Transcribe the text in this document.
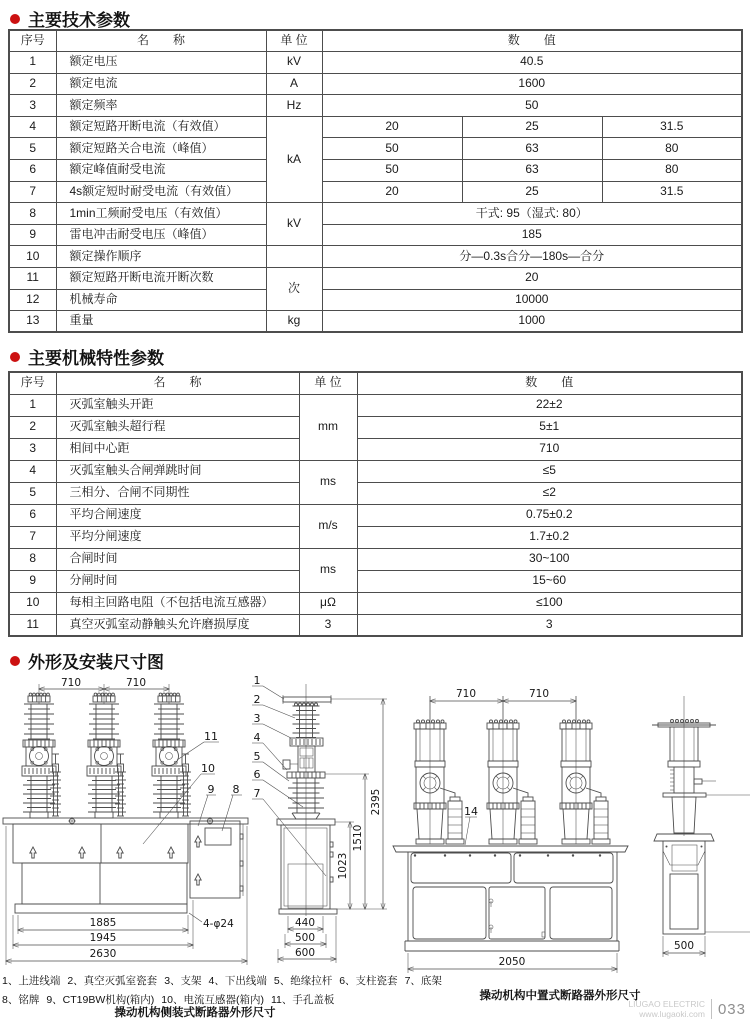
主要技术参数
序号	名　　称	单 位	数　　值		
1	额定电压	kV	40.5		
2	额定电流	A	1600		
3	额定频率	Hz	50		
4	额定短路开断电流（有效值）	kA	20	25	31.5
5	额定短路关合电流（峰值）		50	63	80
6	额定峰值耐受电流		50	63	80
7	4s额定短时耐受电流（有效值）		20	25	31.5
8	1min工频耐受电压（有效值）	kV	干式: 95（湿式: 80）		
9	雷电冲击耐受电压（峰值）		185		
10	额定操作顺序		分—0.3s合分—180s—合分		
11	额定短路开断电流开断次数	次	20		
12	机械寿命		10000		
13	重量	kg	1000		
主要机械特性参数
序号	名　　称	单 位	数　　值
1	灭弧室触头开距	mm	22±2
2	灭弧室触头超行程		5±1
3	相间中心距		710
4	灭弧室触头合闸弹跳时间	ms	≤5
5	三相分、合闸不同期性		≤2
6	平均合闸速度	m/s	0.75±0.2
7	平均分闸速度		1.7±0.2
8	合闸时间	ms	30~100
9	分闸时间		15~60
10	每相主回路电阻（不包括电流互感器）	μΩ	≤100
11	真空灭弧室动静触头允许磨损厚度	3	3
外形及安装尺寸图
710	710
11
10
9 8
1885
1945
2630
4-φ24
1
2
3
4
5
6
7
1023
1510
2395
440
500
600
710	710
14
2050
500
1、上进线端 2、真空灭弧室瓷套 3、支架 4、下出线端 5、绝缘拉杆 6、支柱瓷套 7、底架
8、铭牌 9、CT19BW机构(箱内) 10、电流互感器(箱内) 11、手孔盖板
操动机构侧装式断路器外形尺寸
操动机构中置式断路器外形尺寸
LIUGAO ELECTRIC
www.lugaoki.com 033
